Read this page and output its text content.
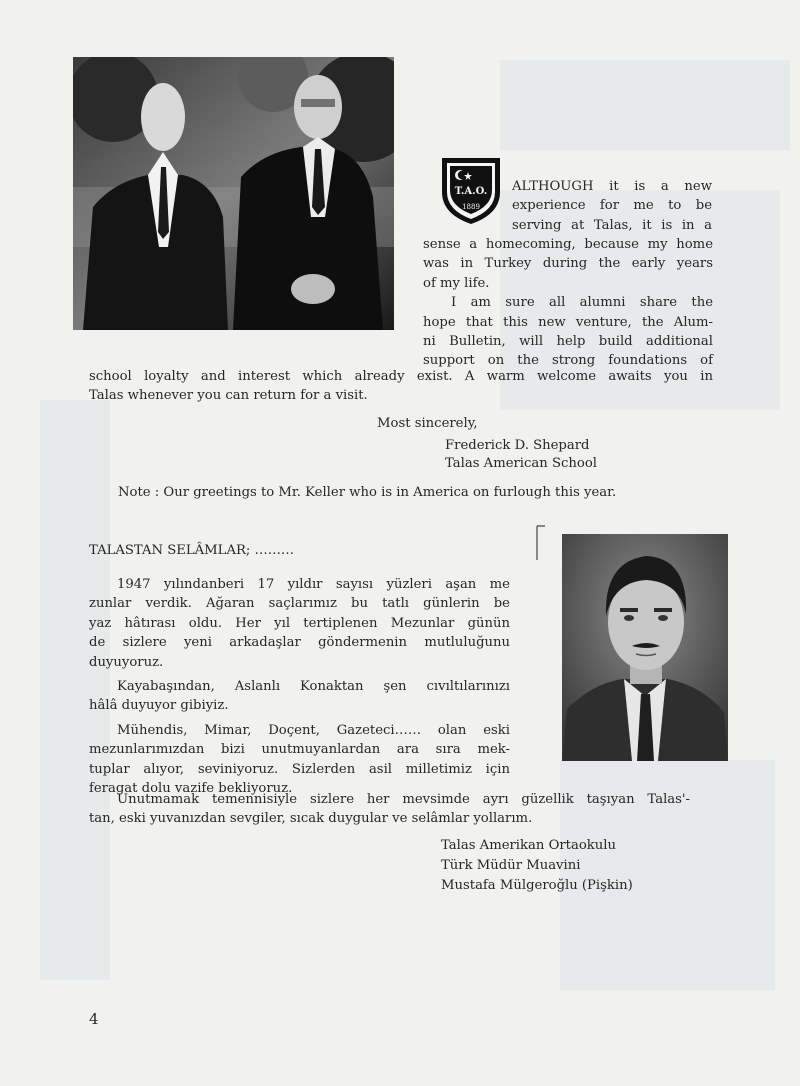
T.A.O.
1889

ALTHOUGH it is a new

experience for me to be

serving at Talas, it is in a

sense a homecoming, because my home

was in Turkey during the early years

of my life.

I am sure all alumni share the

hope that this new venture, the Alum-

ni Bulletin, will help build additional

support on the strong foundations of

school loyalty and interest which already exist. A warm welcome awaits you in

Talas whenever you can return for a visit.

Most sincerely,
Frederick D. Shepard
Talas American School
Note : Our greetings to Mr. Keller who is in America on furlough this year.
TALASTAN SELÂMLAR; ………

1947 yılındanberi 17 yıldır sayısı yüzleri aşan me

zunlar verdik. Ağaran saçlarımız bu tatlı günlerin be

yaz hâtırası oldu. Her yıl tertiplenen Mezunlar günün

de sizlere yeni arkadaşlar göndermenin mutluluğunu

duyuyoruz.

Kayabaşından, Aslanlı Konaktan şen cıvıltılarınızı

hâlâ duyuyor gibiyiz.

Mühendis, Mimar, Doçent, Gazeteci…… olan eski

mezunlarımızdan bizi unutmuyanlardan ara sıra mek-

tuplar alıyor, seviniyoruz. Sizlerden asil milletimiz için

feragat dolu vazife bekliyoruz.

Unutmamak temennisiyle sizlere her mevsimde ayrı güzellik taşıyan Talas'-

tan, eski yuvanızdan sevgiler, sıcak duygular ve selâmlar yollarım.

Talas Amerikan Ortaokulu
Türk Müdür Muavini
Mustafa Mülgeroğlu (Pişkin)
4
